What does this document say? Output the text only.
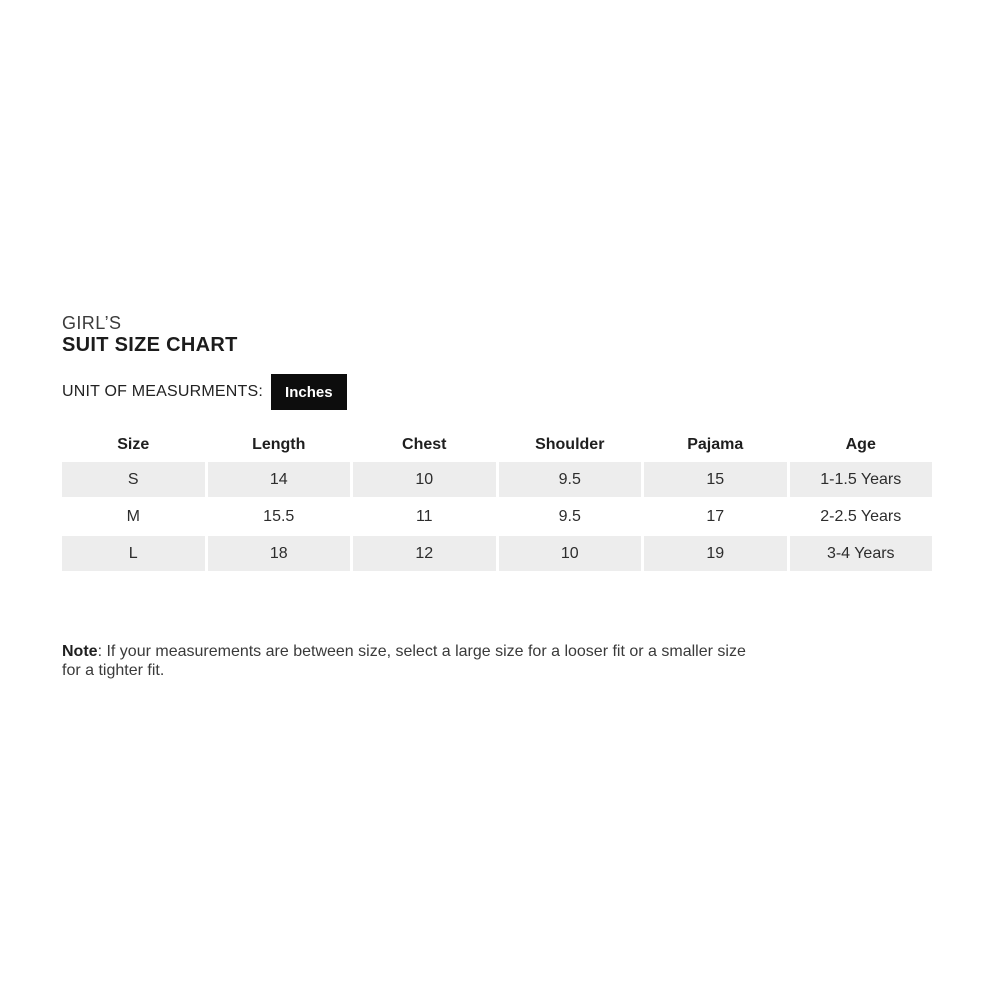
GIRL’S
SUIT SIZE CHART
UNIT OF MEASURMENTS:	Inches
Size	Length	Chest	Shoulder	Pajama	Age
S	14	10	9.5	15	1-1.5 Years
M	15.5	11	9.5	17	2-2.5 Years
L	18	12	10	19	3-4 Years

Note: If your measurements are between size, select a large size for a looser fit or a smaller size
for a tighter fit.
